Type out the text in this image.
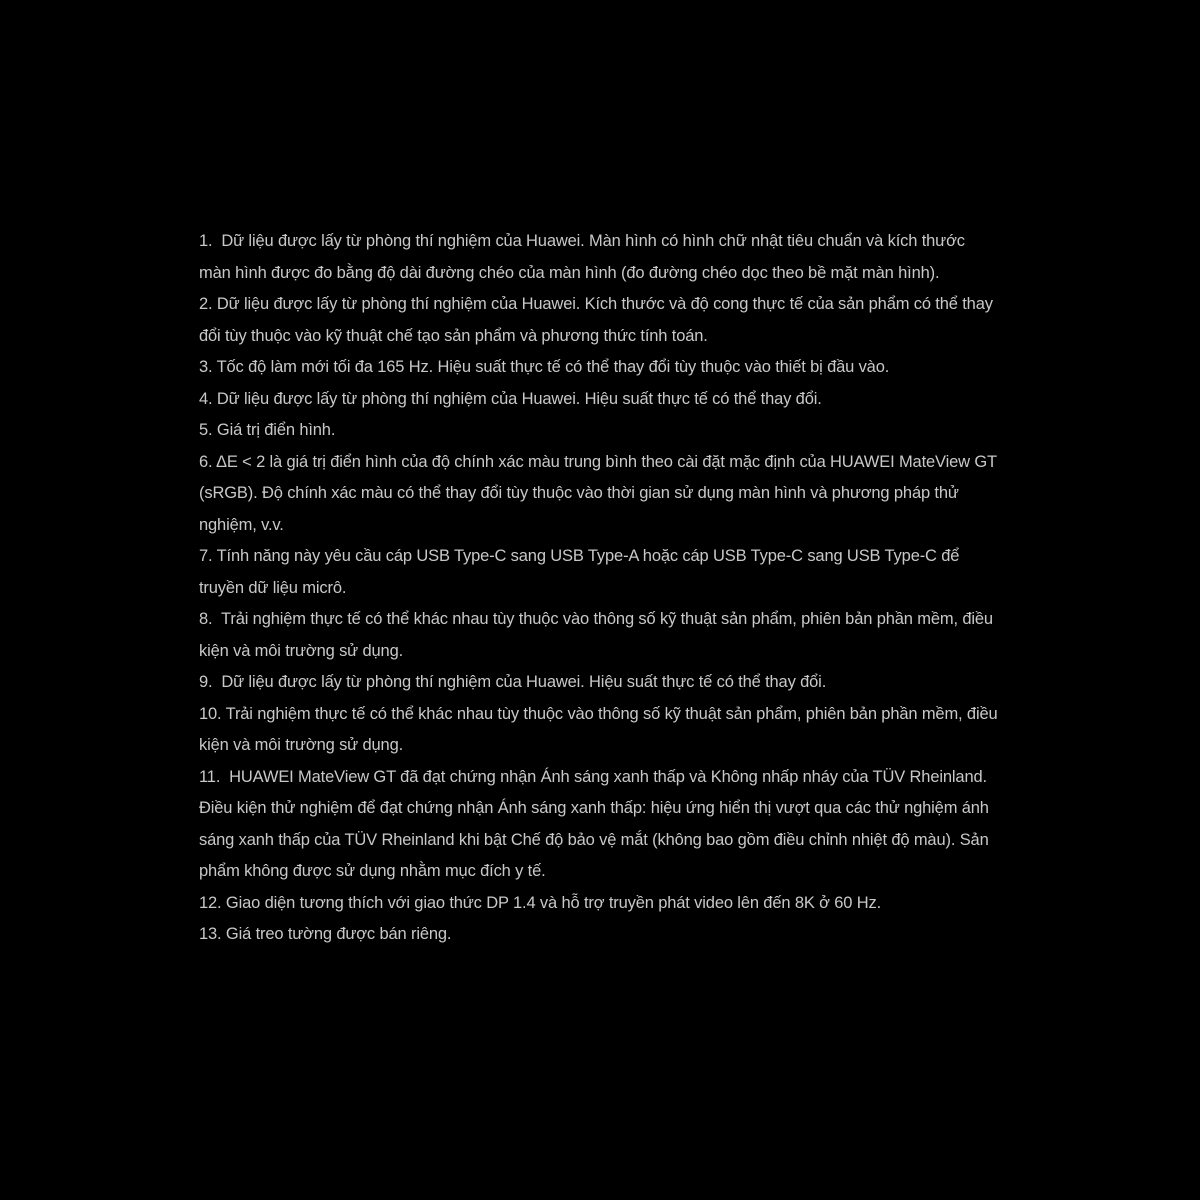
1.  Dữ liệu được lấy từ phòng thí nghiệm của Huawei. Màn hình có hình chữ nhật tiêu chuẩn và kích thước màn hình được đo bằng độ dài đường chéo của màn hình (đo đường chéo dọc theo bề mặt màn hình).

2. Dữ liệu được lấy từ phòng thí nghiệm của Huawei. Kích thước và độ cong thực tế của sản phẩm có thể thay đổi tùy thuộc vào kỹ thuật chế tạo sản phẩm và phương thức tính toán.

3. Tốc độ làm mới tối đa 165 Hz. Hiệu suất thực tế có thể thay đổi tùy thuộc vào thiết bị đầu vào.

4. Dữ liệu được lấy từ phòng thí nghiệm của Huawei. Hiệu suất thực tế có thể thay đổi.

5. Giá trị điển hình.

6. ΔE < 2 là giá trị điển hình của độ chính xác màu trung bình theo cài đặt mặc định của HUAWEI MateView GT (sRGB). Độ chính xác màu có thể thay đổi tùy thuộc vào thời gian sử dụng màn hình và phương pháp thử nghiệm, v.v.

7. Tính năng này yêu cầu cáp USB Type-C sang USB Type-A hoặc cáp USB Type-C sang USB Type-C để truyền dữ liệu micrô.

8.  Trải nghiệm thực tế có thể khác nhau tùy thuộc vào thông số kỹ thuật sản phẩm, phiên bản phần mềm, điều kiện và môi trường sử dụng.

9.  Dữ liệu được lấy từ phòng thí nghiệm của Huawei. Hiệu suất thực tế có thể thay đổi.

10. Trải nghiệm thực tế có thể khác nhau tùy thuộc vào thông số kỹ thuật sản phẩm, phiên bản phần mềm, điều kiện và môi trường sử dụng.

11.  HUAWEI MateView GT đã đạt chứng nhận Ánh sáng xanh thấp và Không nhấp nháy của TÜV Rheinland. Điều kiện thử nghiệm để đạt chứng nhận Ánh sáng xanh thấp: hiệu ứng hiển thị vượt qua các thử nghiệm ánh sáng xanh thấp của TÜV Rheinland khi bật Chế độ bảo vệ mắt (không bao gồm điều chỉnh nhiệt độ màu). Sản phẩm không được sử dụng nhằm mục đích y tế.

12. Giao diện tương thích với giao thức DP 1.4 và hỗ trợ truyền phát video lên đến 8K ở 60 Hz.

13. Giá treo tường được bán riêng.
